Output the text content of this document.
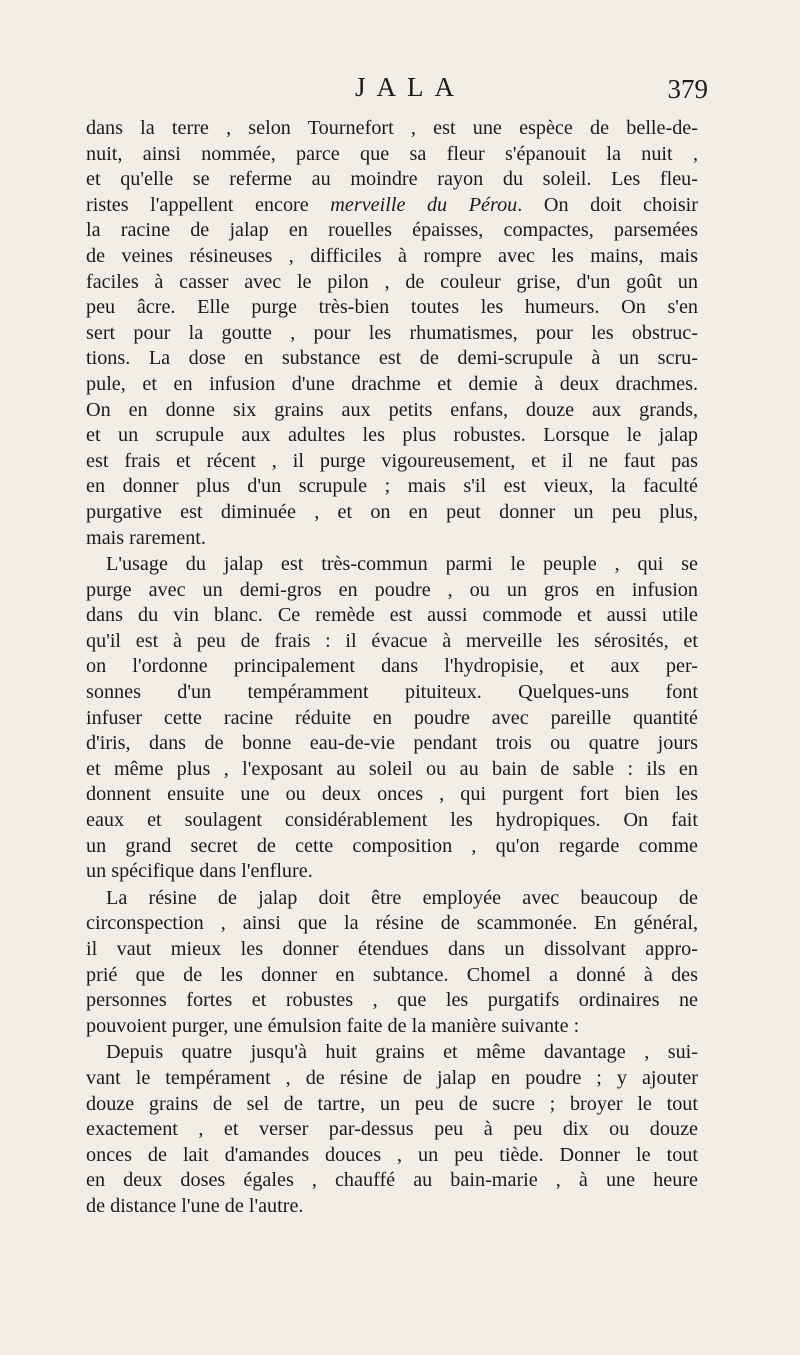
JALA	379
dans la terre , selon Tournefort , est une espèce de belle-de-
nuit, ainsi nommée, parce que sa fleur s'épanouit la nuit ,
et qu'elle se referme au moindre rayon du soleil. Les fleu-
ristes l'appellent encore merveille du Pérou. On doit choisir
la racine de jalap en rouelles épaisses, compactes, parsemées
de veines résineuses , difficiles à rompre avec les mains, mais
faciles à casser avec le pilon , de couleur grise, d'un goût un
peu âcre. Elle purge très-bien toutes les humeurs. On s'en
sert pour la goutte , pour les rhumatismes, pour les obstruc-
tions. La dose en substance est de demi-scrupule à un scru-
pule, et en infusion d'une drachme et demie à deux drachmes.
On en donne six grains aux petits enfans, douze aux grands,
et un scrupule aux adultes les plus robustes. Lorsque le jalap
est frais et récent , il purge vigoureusement, et il ne faut pas
en donner plus d'un scrupule ; mais s'il est vieux, la faculté
purgative est diminuée , et on en peut donner un peu plus,
mais rarement.
L'usage du jalap est très-commun parmi le peuple , qui se
purge avec un demi-gros en poudre , ou un gros en infusion
dans du vin blanc. Ce remède est aussi commode et aussi utile
qu'il est à peu de frais : il évacue à merveille les sérosités, et
on l'ordonne principalement dans l'hydropisie, et aux per-
sonnes d'un tempéramment pituiteux. Quelques-uns font
infuser cette racine réduite en poudre avec pareille quantité
d'iris, dans de bonne eau-de-vie pendant trois ou quatre jours
et même plus , l'exposant au soleil ou au bain de sable : ils en
donnent ensuite une ou deux onces , qui purgent fort bien les
eaux et soulagent considérablement les hydropiques. On fait
un grand secret de cette composition , qu'on regarde comme
un spécifique dans l'enflure.
La résine de jalap doit être employée avec beaucoup de
circonspection , ainsi que la résine de scammonée. En général,
il vaut mieux les donner étendues dans un dissolvant appro-
prié que de les donner en subtance. Chomel a donné à des
personnes fortes et robustes , que les purgatifs ordinaires ne
pouvoient purger, une émulsion faite de la manière suivante :
Depuis quatre jusqu'à huit grains et même davantage , sui-
vant le tempérament , de résine de jalap en poudre ; y ajouter
douze grains de sel de tartre, un peu de sucre ; broyer le tout
exactement , et verser par-dessus peu à peu dix ou douze
onces de lait d'amandes douces , un peu tiède. Donner le tout
en deux doses égales , chauffé au bain-marie , à une heure
de distance l'une de l'autre.
